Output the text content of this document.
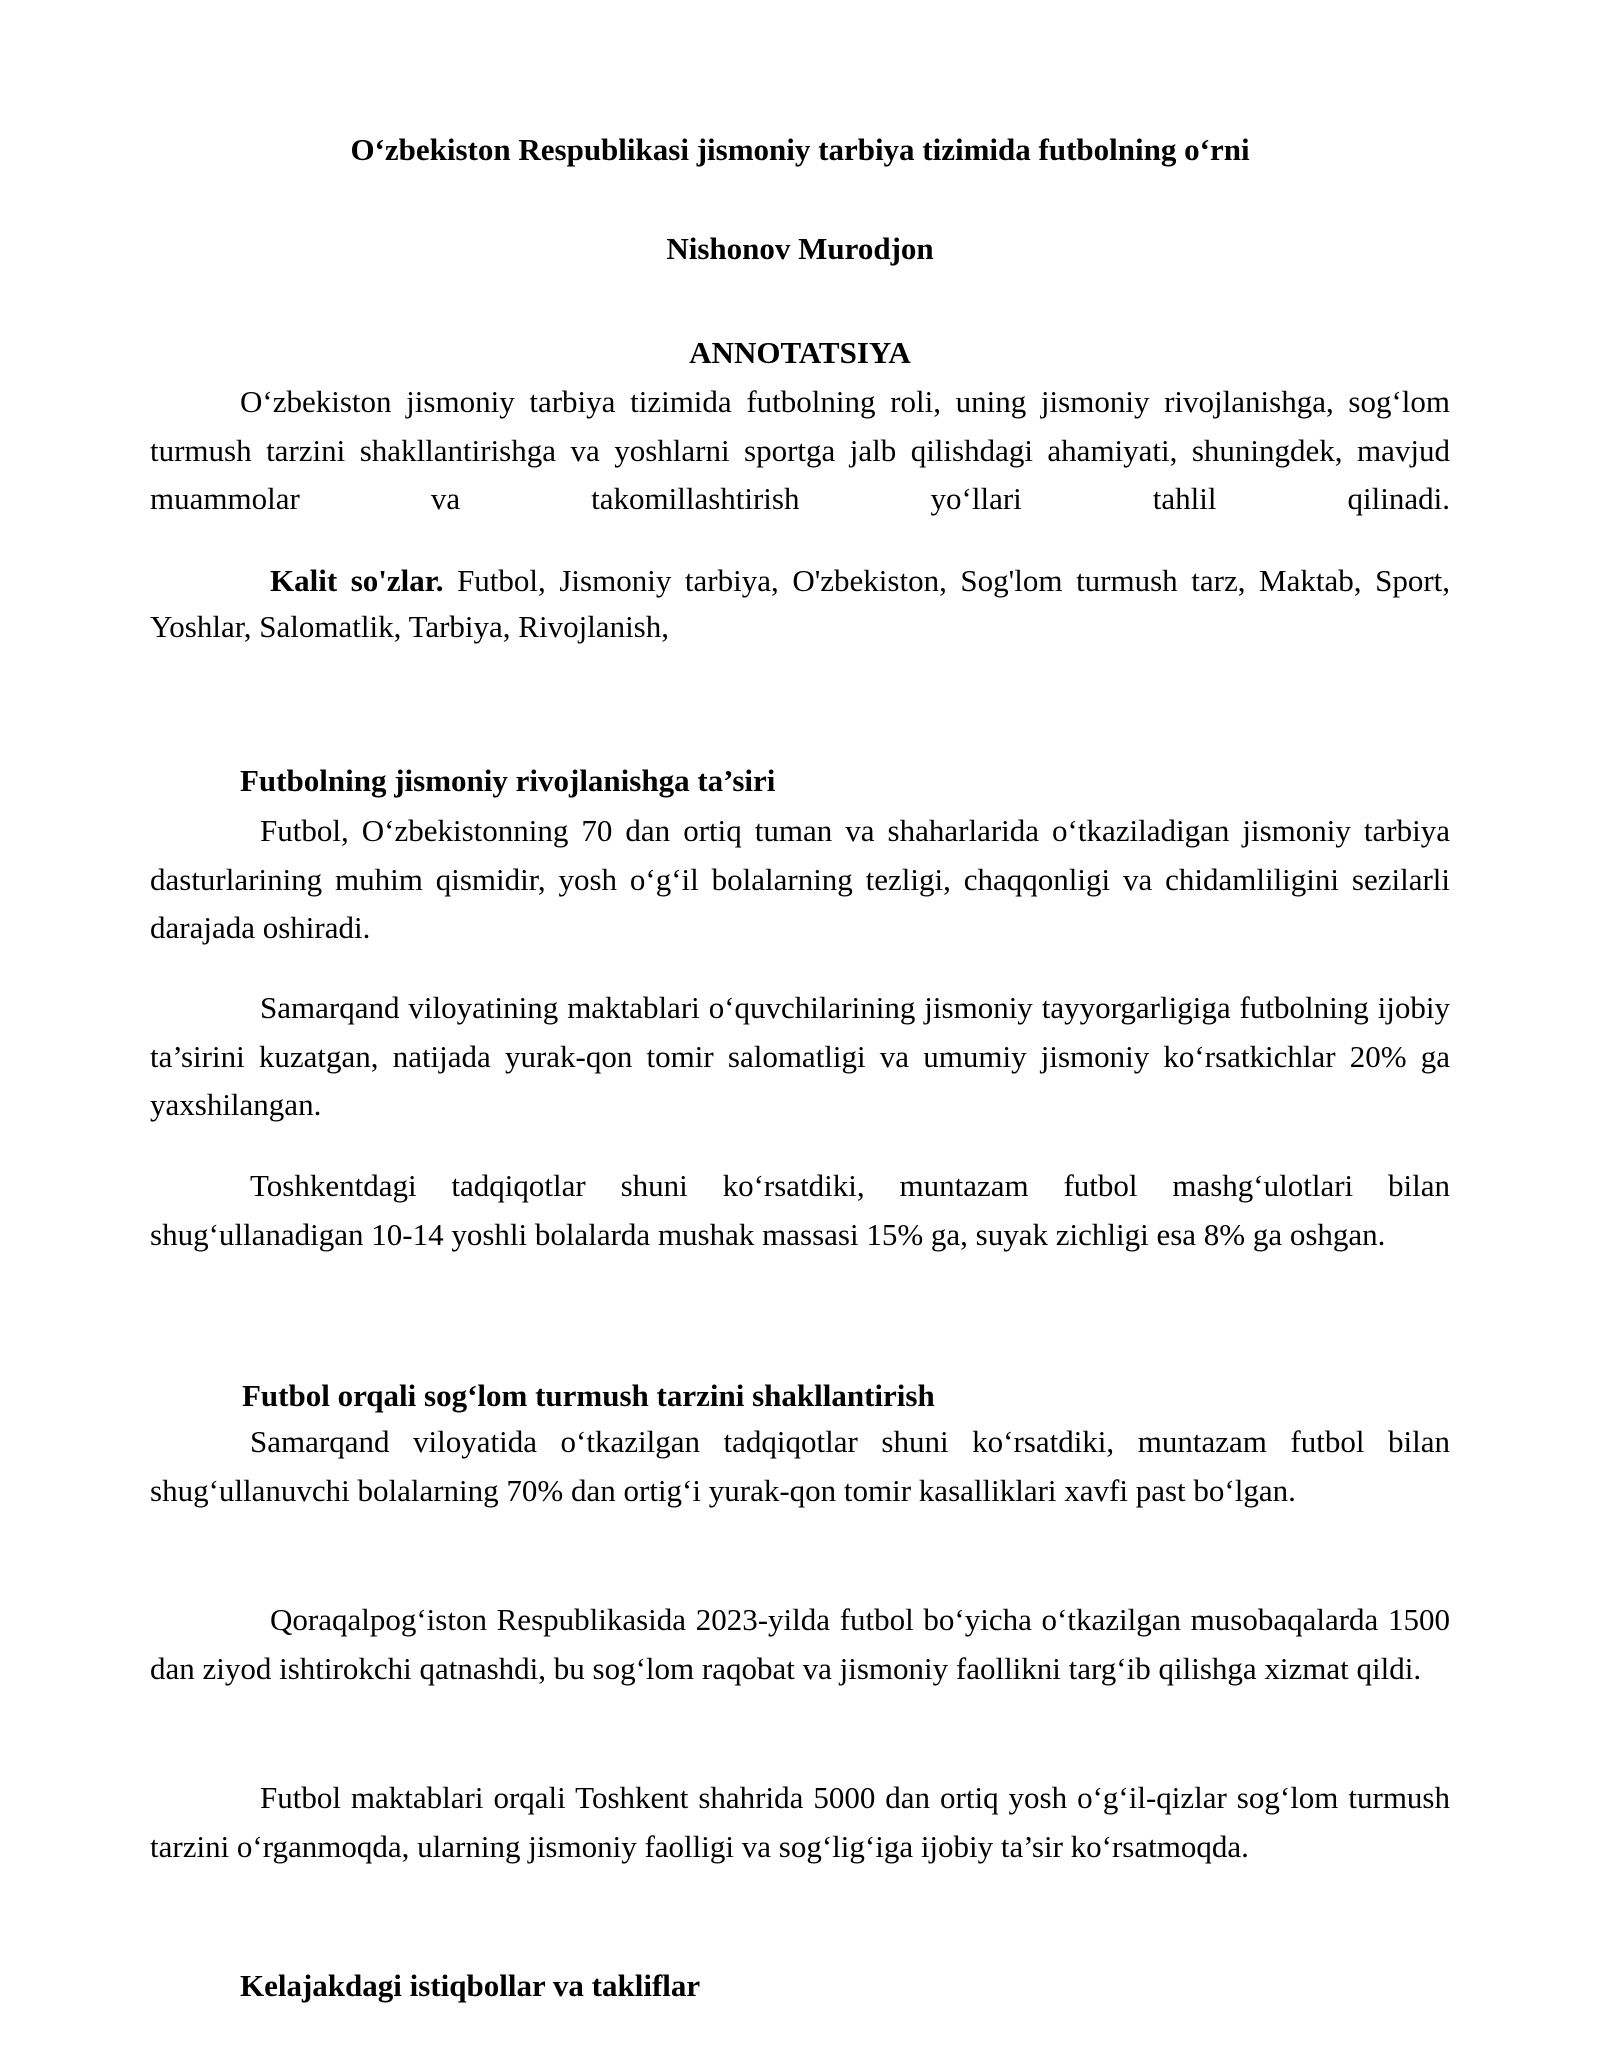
O‘zbekiston Respublikasi jismoniy tarbiya tizimida futbolning o‘rni
Nishonov Murodjon
ANNOTATSIYA

O‘zbekiston jismoniy tarbiya tizimida futbolning roli, uning jismoniy rivojlanishga, sog‘lom turmush tarzini shakllantirishga va yoshlarni sportga jalb qilishdagi ahamiyati, shuningdek, mavjud muammolar va takomillashtirish yo‘llari tahlil qilinadi.

Kalit so'zlar. Futbol, Jismoniy tarbiya, O'zbekiston, Sog'lom turmush tarz, Maktab, Sport, Yoshlar, Salomatlik, Tarbiya, Rivojlanish,

Futbolning jismoniy rivojlanishga ta’siri

Futbol, O‘zbekistonning 70 dan ortiq tuman va shaharlarida o‘tkaziladigan jismoniy tarbiya dasturlarining muhim qismidir, yosh o‘g‘il bolalarning tezligi, chaqqonligi va chidamliligini sezilarli darajada oshiradi.

Samarqand viloyatining maktablari o‘quvchilarining jismoniy tayyorgarligiga futbolning ijobiy ta’sirini kuzatgan, natijada yurak-qon tomir salomatligi va umumiy jismoniy ko‘rsatkichlar 20% ga yaxshilangan.

Toshkentdagi tadqiqotlar shuni ko‘rsatdiki, muntazam futbol mashg‘ulotlari bilan shug‘ullanadigan 10-14 yoshli bolalarda mushak massasi 15% ga, suyak zichligi esa 8% ga oshgan.

Futbol orqali sog‘lom turmush tarzini shakllantirish

Samarqand viloyatida o‘tkazilgan tadqiqotlar shuni ko‘rsatdiki, muntazam futbol bilan shug‘ullanuvchi bolalarning 70% dan ortig‘i yurak-qon tomir kasalliklari xavfi past bo‘lgan.

Qoraqalpog‘iston Respublikasida 2023-yilda futbol bo‘yicha o‘tkazilgan musobaqalarda 1500 dan ziyod ishtirokchi qatnashdi, bu sog‘lom raqobat va jismoniy faollikni targ‘ib qilishga xizmat qildi.

Futbol maktablari orqali Toshkent shahrida 5000 dan ortiq yosh o‘g‘il-qizlar sog‘lom turmush tarzini o‘rganmoqda, ularning jismoniy faolligi va sog‘lig‘iga ijobiy ta’sir ko‘rsatmoqda.

Kelajakdagi istiqbollar va takliflar
